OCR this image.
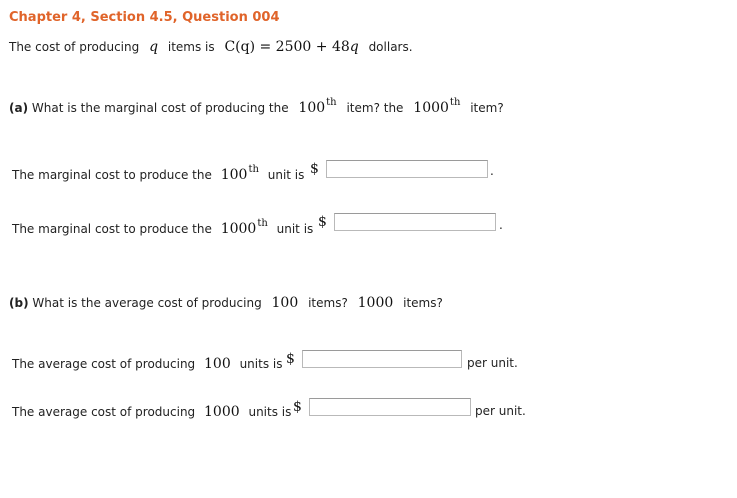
Chapter 4, Section 4.5, Question 004
The cost of producing q items is C(q) = 2500 + 48q dollars.
(a) What is the marginal cost of producing the 100th item? the 1000th item?
The marginal cost to produce the 100th unit is $	.
The marginal cost to produce the 1000th unit is $	.
(b) What is the average cost of producing 100 items? 1000 items?
The average cost of producing 100 units is $	per unit.
The average cost of producing 1000 units is $	per unit.
